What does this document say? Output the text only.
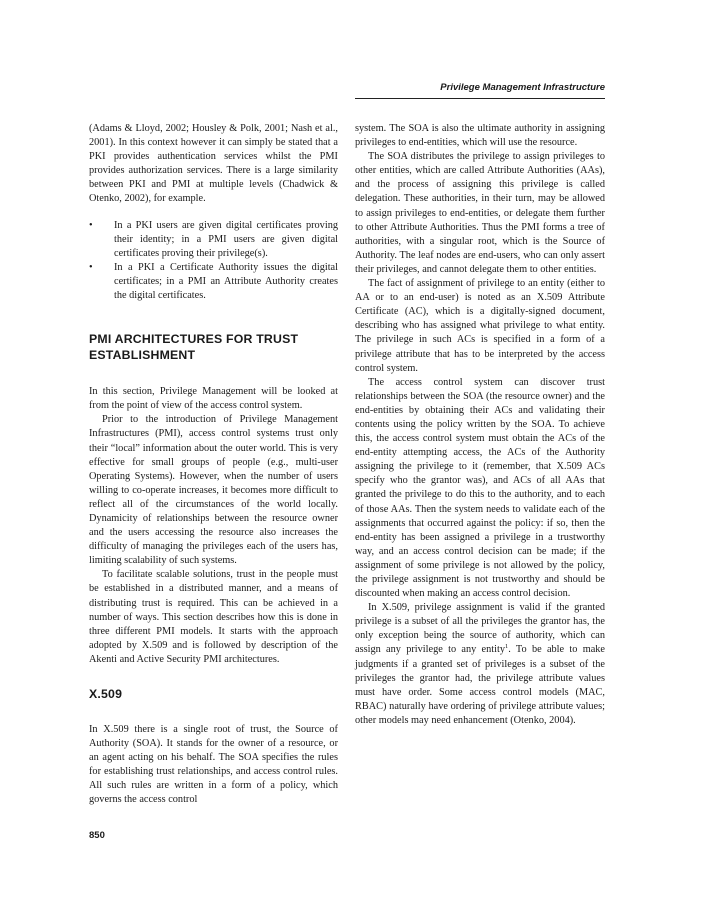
Privilege Management Infrastructure

(Adams & Lloyd, 2002; Housley & Polk, 2001; Nash et al., 2001). In this context however it can simply be stated that a PKI provides authentication services whilst the PMI provides authorization services. There is a large similarity between PKI and PMI at multiple levels (Chadwick & Otenko, 2002), for example.

• In a PKI users are given digital certificates proving their identity; in a PMI users are given digital certificates proving their privilege(s).
• In a PKI a Certificate Authority issues the digital certificates; in a PMI an Attribute Authority creates the digital certificates.
PMI ARCHITECTURES FOR TRUST ESTABLISHMENT

In this section, Privilege Management will be looked at from the point of view of the access control system.

Prior to the introduction of Privilege Management Infrastructures (PMI), access control systems trust only their “local” information about the outer world. This is very effective for small groups of people (e.g., multi-user Operating Systems). However, when the number of users willing to co-operate increases, it becomes more difficult to reflect all of the circumstances of the world locally. Dynamicity of relationships between the resource owner and the users accessing the resource also increases the difficulty of managing the privileges each of the users has, limiting scalability of such systems.

To facilitate scalable solutions, trust in the people must be established in a distributed manner, and a means of distributing trust is required. This can be achieved in a number of ways. This section describes how this is done in three different PMI models. It starts with the approach adopted by X.509 and is followed by description of the Akenti and Active Security PMI architectures.

X.509

In X.509 there is a single root of trust, the Source of Authority (SOA). It stands for the owner of a resource, or an agent acting on his behalf. The SOA specifies the rules for establishing trust relationships, and access control rules. All such rules are written in a form of a policy, which governs the access control

system. The SOA is also the ultimate authority in assigning privileges to end-entities, which will use the resource.

The SOA distributes the privilege to assign privileges to other entities, which are called Attribute Authorities (AAs), and the process of assigning this privilege is called delegation. These authorities, in their turn, may be allowed to assign privileges to end-entities, or delegate them further to other Attribute Authorities. Thus the PMI forms a tree of authorities, with a singular root, which is the Source of Authority. The leaf nodes are end-users, who can only assert their privileges, and cannot delegate them to other entities.

The fact of assignment of privilege to an entity (either to AA or to an end-user) is noted as an X.509 Attribute Certificate (AC), which is a digitally-signed document, describing who has assigned what privilege to what entity. The privilege in such ACs is specified in a form of a privilege attribute that has to be interpreted by the access control system.

The access control system can discover trust relationships between the SOA (the resource owner) and the end-entities by obtaining their ACs and validating their contents using the policy written by the SOA. To achieve this, the access control system must obtain the ACs of the end-entity attempting access, the ACs of the Authority assigning the privilege to it (remember, that X.509 ACs specify who the grantor was), and ACs of all AAs that granted the privilege to do this to the authority, and to each of those AAs. Then the system needs to validate each of the assignments that occurred against the policy: if so, then the end-entity has been assigned a privilege in a trustworthy way, and an access control decision can be made; if the assignment of some privilege is not allowed by the policy, the privilege assignment is not trustworthy and should be discounted when making an access control decision.

In X.509, privilege assignment is valid if the granted privilege is a subset of all the privileges the grantor has, the only exception being the source of authority, which can assign any privilege to any entity$^1$. To be able to make judgments if a granted set of privileges is a subset of the privileges the grantor had, the privilege attribute values must have order. Some access control models (MAC, RBAC) naturally have ordering of privilege attribute values; other models may need enhancement (Otenko, 2004).

850
